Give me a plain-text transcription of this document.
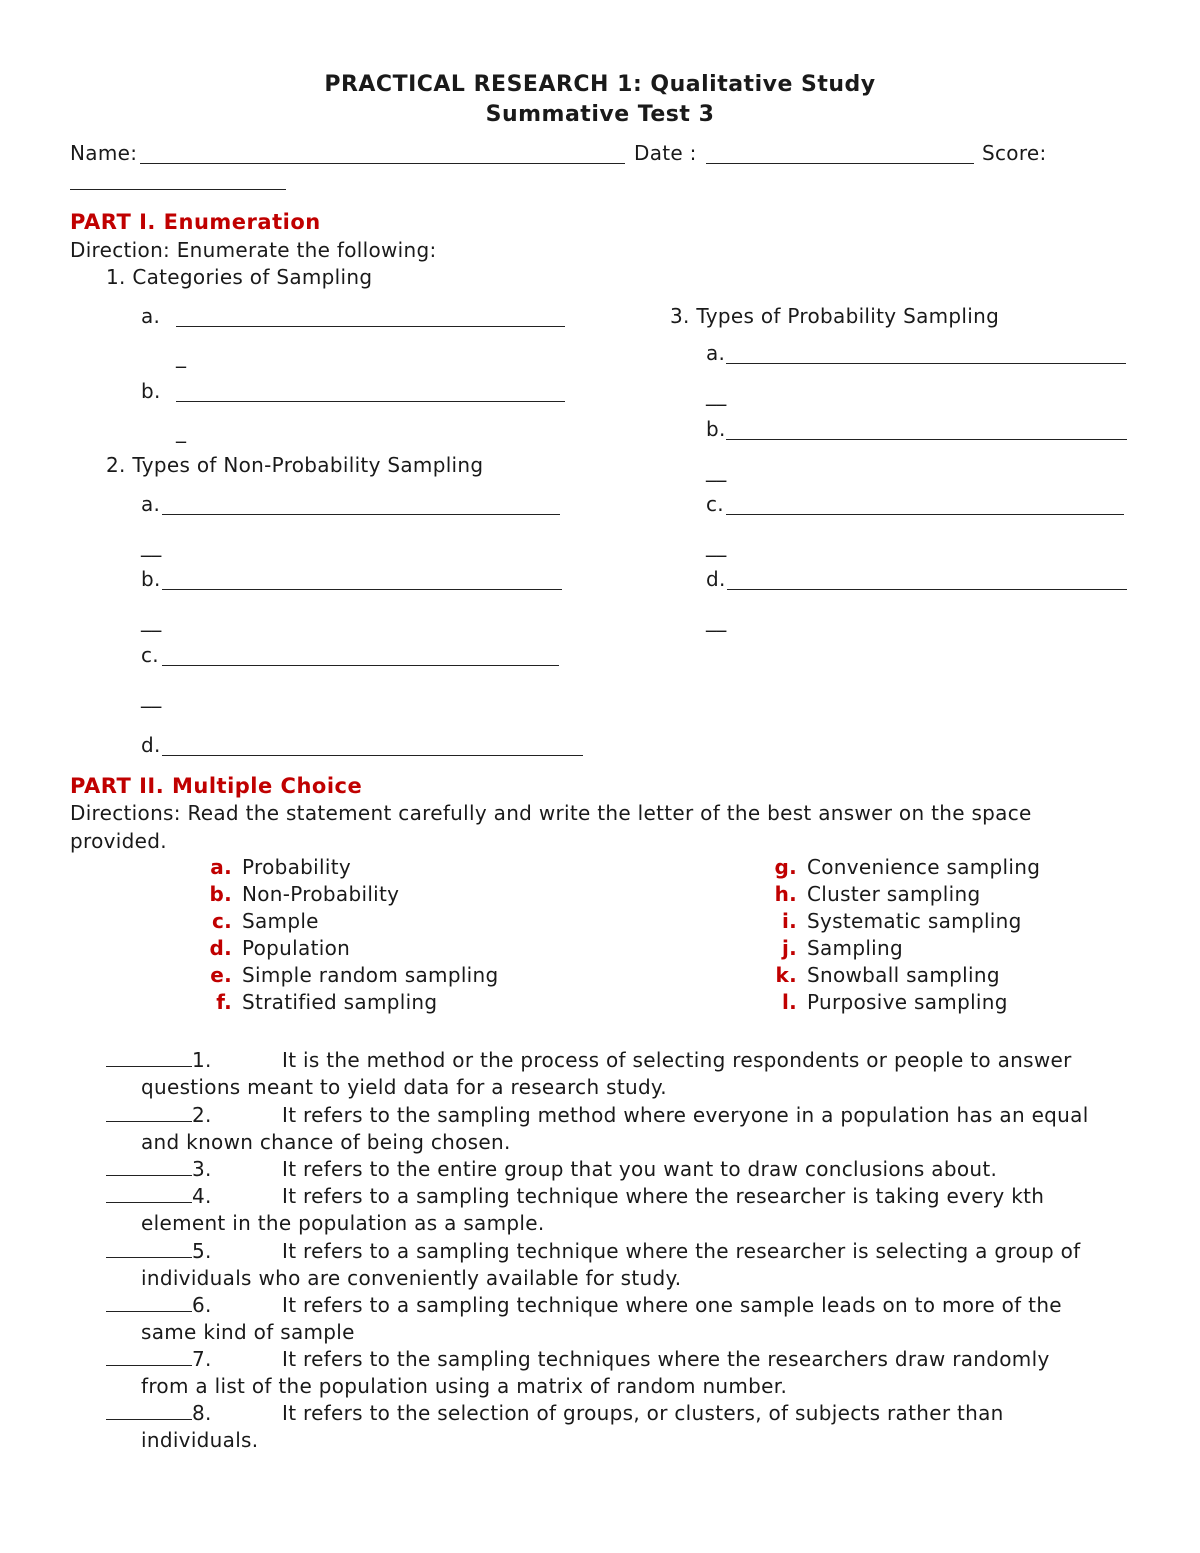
PRACTICAL RESEARCH 1: Qualitative Study
Summative Test 3
Name:	Date :	Score:
PART I. Enumeration
Direction: Enumerate the following:
1. Categories of Sampling
a.
_
b.
_
2. Types of Non-Probability Sampling
a.
__
b.
__
c.
__
d.
3. Types of Probability Sampling
a.
__
b.
__
c.
__
d.
__
PART II. Multiple Choice
Directions: Read the statement carefully and write the letter of the best answer on the space
provided.
a. Probability
b. Non-Probability
c. Sample
d. Population
e. Simple random sampling
f. Stratified sampling
g. Convenience sampling
h. Cluster sampling
i. Systematic sampling
j. Sampling
k. Snowball sampling
l. Purposive sampling
1.	It is the method or the process of selecting respondents or people to answer
questions meant to yield data for a research study.
2.	It refers to the sampling method where everyone in a population has an equal
and known chance of being chosen.
3.	It refers to the entire group that you want to draw conclusions about.
4.	It refers to a sampling technique where the researcher is taking every kth
element in the population as a sample.
5.	It refers to a sampling technique where the researcher is selecting a group of
individuals who are conveniently available for study.
6.	It refers to a sampling technique where one sample leads on to more of the
same kind of sample
7.	It refers to the sampling techniques where the researchers draw randomly
from a list of the population using a matrix of random number.
8.	It refers to the selection of groups, or clusters, of subjects rather than
individuals.
